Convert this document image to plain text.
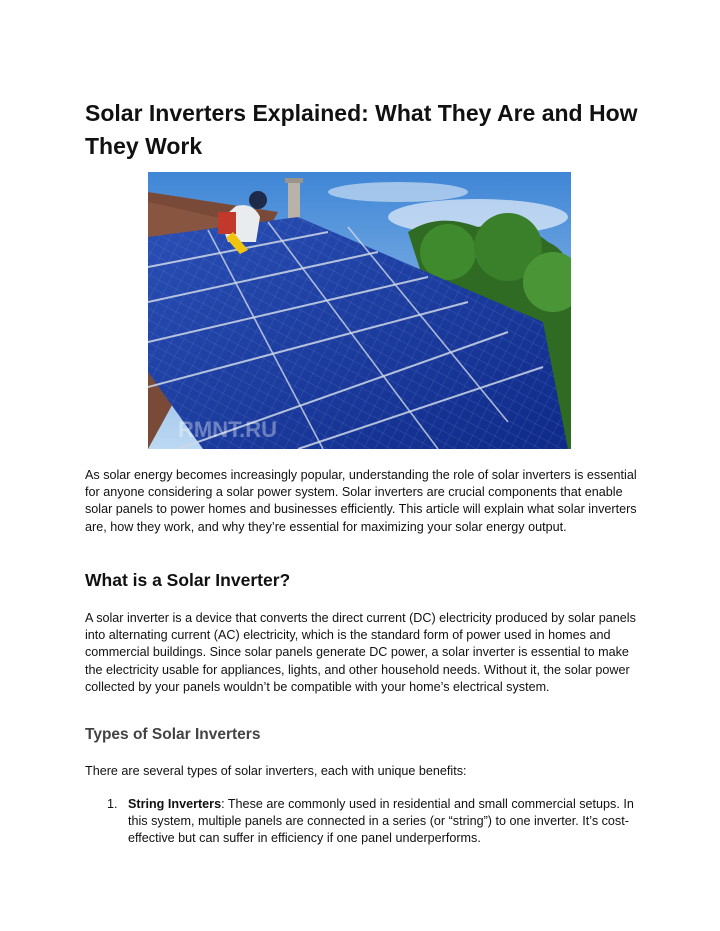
Solar Inverters Explained: What They Are and How They Work
RMNT.RU

As solar energy becomes increasingly popular, understanding the role of solar inverters is essential for anyone considering a solar power system. Solar inverters are crucial components that enable solar panels to power homes and businesses efficiently. This article will explain what solar inverters are, how they work, and why they’re essential for maximizing your solar energy output.

What is a Solar Inverter?

A solar inverter is a device that converts the direct current (DC) electricity produced by solar panels into alternating current (AC) electricity, which is the standard form of power used in homes and commercial buildings. Since solar panels generate DC power, a solar inverter is essential to make the electricity usable for appliances, lights, and other household needs. Without it, the solar power collected by your panels wouldn’t be compatible with your home’s electrical system.

Types of Solar Inverters

There are several types of solar inverters, each with unique benefits:

1. String Inverters: These are commonly used in residential and small commercial setups. In this system, multiple panels are connected in a series (or “string”) to one inverter. It’s cost-effective but can suffer in efficiency if one panel underperforms.
